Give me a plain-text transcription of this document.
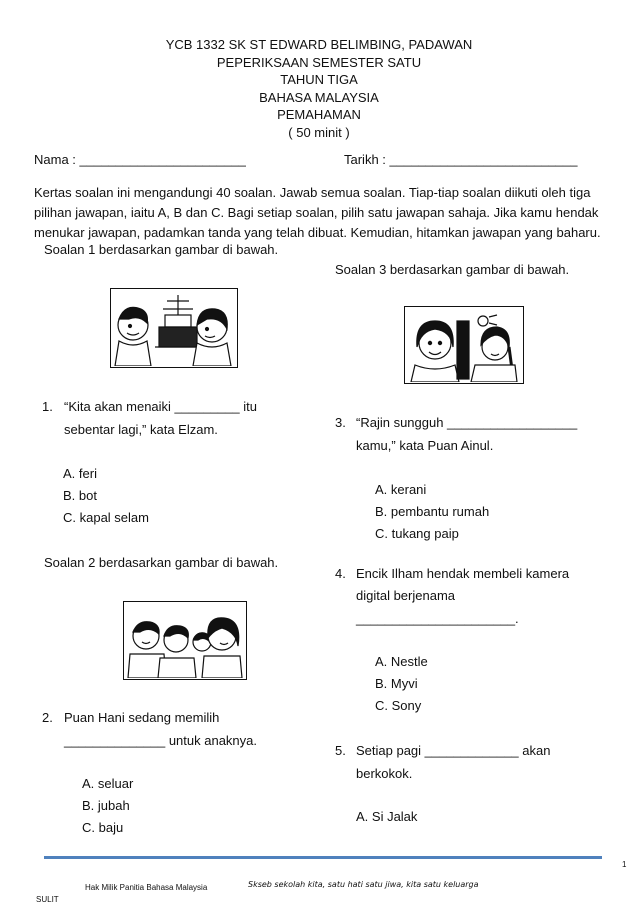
YCB 1332 SK ST EDWARD BELIMBING, PADAWAN
PEPERIKSAAN SEMESTER SATU
TAHUN TIGA
BAHASA MALAYSIA
PEMAHAMAN
( 50 minit )
Nama : _______________________	Tarikh : __________________________
Kertas soalan ini mengandungi 40 soalan. Jawab semua soalan. Tiap-tiap soalan diikuti oleh tiga pilihan jawapan, iaitu A, B dan C. Bagi setiap soalan, pilih satu jawapan sahaja. Jika kamu hendak menukar jawapan, padamkan tanda yang telah dibuat. Kemudian, hitamkan jawapan yang baharu.
Soalan 1 berdasarkan gambar di bawah.
1. “Kita akan menaiki _________ itu
sebentar lagi,” kata Elzam.
A. feri
B. bot
C. kapal selam
Soalan 2 berdasarkan gambar di bawah.
2. Puan Hani sedang memilih
______________ untuk anaknya.
A. seluar
B. jubah
C. baju
Soalan 3 berdasarkan gambar di bawah.
3. “Rajin sungguh __________________
kamu,” kata Puan Ainul.
A. kerani
B. pembantu rumah
C. tukang paip
4. Encik Ilham hendak membeli kamera
digital berjenama
______________________.
A. Nestle
B. Myvi
C. Sony
5. Setiap pagi _____________ akan
berkokok.
A. Si Jalak
1
Hak Milik Panitia Bahasa Malaysia	Skseb sekolah kita, satu hati satu jiwa, kita satu keluarga
SULIT
